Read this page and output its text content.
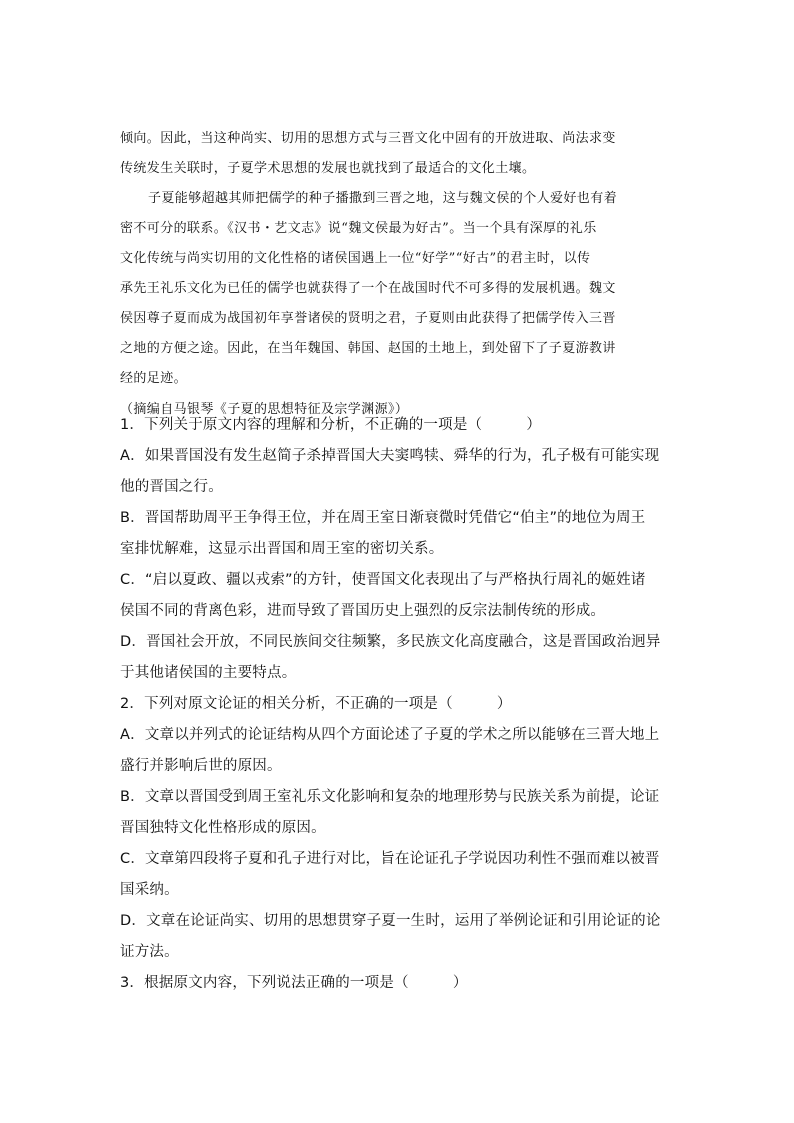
倾向。因此，当这种尚实、切用的思想方式与三晋文化中固有的开放进取、尚法求变

传统发生关联时，子夏学术思想的发展也就找到了最适合的文化土壤。

子夏能够超越其师把儒学的种子播撒到三晋之地，这与魏文侯的个人爱好也有着

密不可分的联系。《汉书・艺文志》说“魏文侯最为好古”。当一个具有深厚的礼乐

文化传统与尚实切用的文化性格的诸侯国遇上一位“好学”“好古”的君主时，以传

承先王礼乐文化为已任的儒学也就获得了一个在战国时代不可多得的发展机遇。魏文

侯因尊子夏而成为战国初年享誉诸侯的贤明之君，子夏则由此获得了把儒学传入三晋

之地的方便之途。因此，在当年魏国、韩国、赵国的土地上，到处留下了子夏游教讲

经的足迹。

（摘编自马银琴《子夏的思想特征及宗学渊源》）

1．下列关于原文内容的理解和分析，不正确的一项是（　　　）

A．如果晋国没有发生赵简子杀掉晋国大夫窦鸣犊、舜华的行为，孔子极有可能实现

他的晋国之行。

B．晋国帮助周平王争得王位，并在周王室日渐衰微时凭借它“伯主”的地位为周王

室排忧解难，这显示出晋国和周王室的密切关系。

C．“启以夏政、疆以戎索”的方针，使晋国文化表现出了与严格执行周礼的姬姓诸

侯国不同的背离色彩，进而导致了晋国历史上强烈的反宗法制传统的形成。

D．晋国社会开放，不同民族间交往频繁，多民族文化高度融合，这是晋国政治迥异

于其他诸侯国的主要特点。

2．下列对原文论证的相关分析，不正确的一项是（　　　）

A．文章以并列式的论证结构从四个方面论述了子夏的学术之所以能够在三晋大地上

盛行并影响后世的原因。

B．文章以晋国受到周王室礼乐文化影响和复杂的地理形势与民族关系为前提，论证

晋国独特文化性格形成的原因。

C．文章第四段将子夏和孔子进行对比，旨在论证孔子学说因功利性不强而难以被晋

国采纳。

D．文章在论证尚实、切用的思想贯穿子夏一生时，运用了举例论证和引用论证的论

证方法。

3．根据原文内容，下列说法正确的一项是（　　　）
